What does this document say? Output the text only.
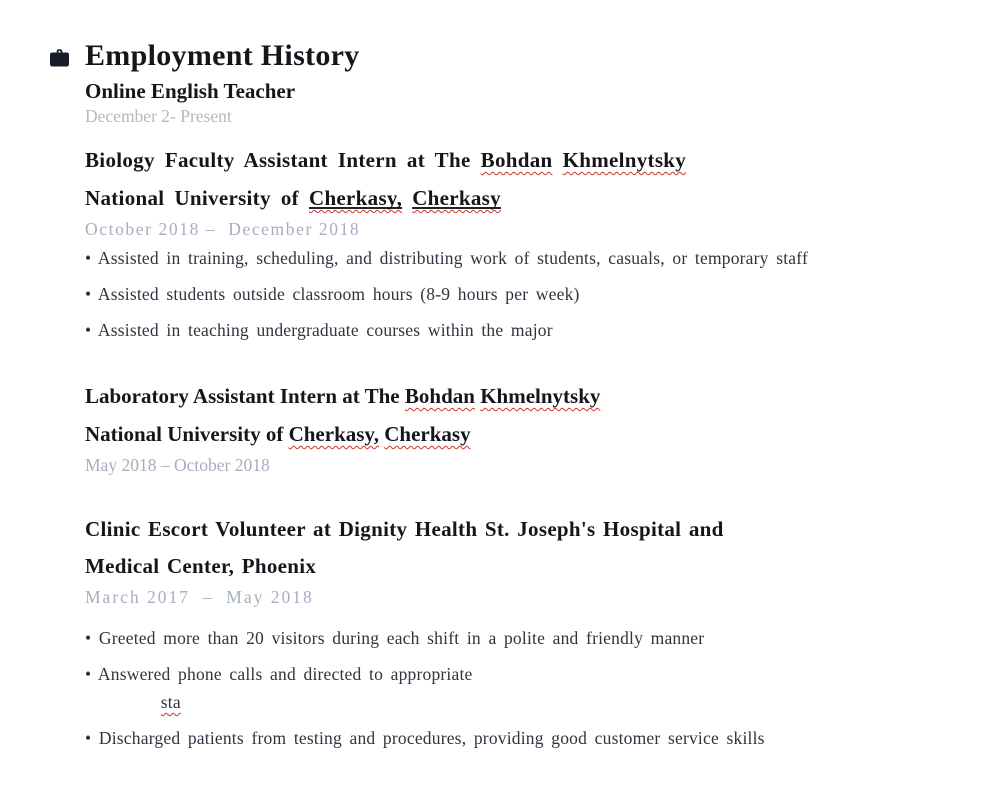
Employment History
Online English Teacher

December 2- Present

Biology Faculty Assistant Intern at The Bohdan Khmelnytsky
National University of Cherkasy, Cherkasy

October 2018 –  December 2018

• Assisted in training, scheduling, and distributing work of students, casuals, or temporary staff

• Assisted students outside classroom hours (8-9 hours per week)

• Assisted in teaching undergraduate courses within the major

Laboratory Assistant Intern at The Bohdan Khmelnytsky
National University of Cherkasy, Cherkasy

May 2018 – October 2018

Clinic Escort Volunteer at Dignity Health St. Joseph's Hospital and
Medical Center, Phoenix

March 2017  –  May 2018

• Greeted more than 20 visitors during each shift in a polite and friendly manner

• Answered phone calls and directed to appropriate
sta

• Discharged patients from testing and procedures, providing good customer service skills
